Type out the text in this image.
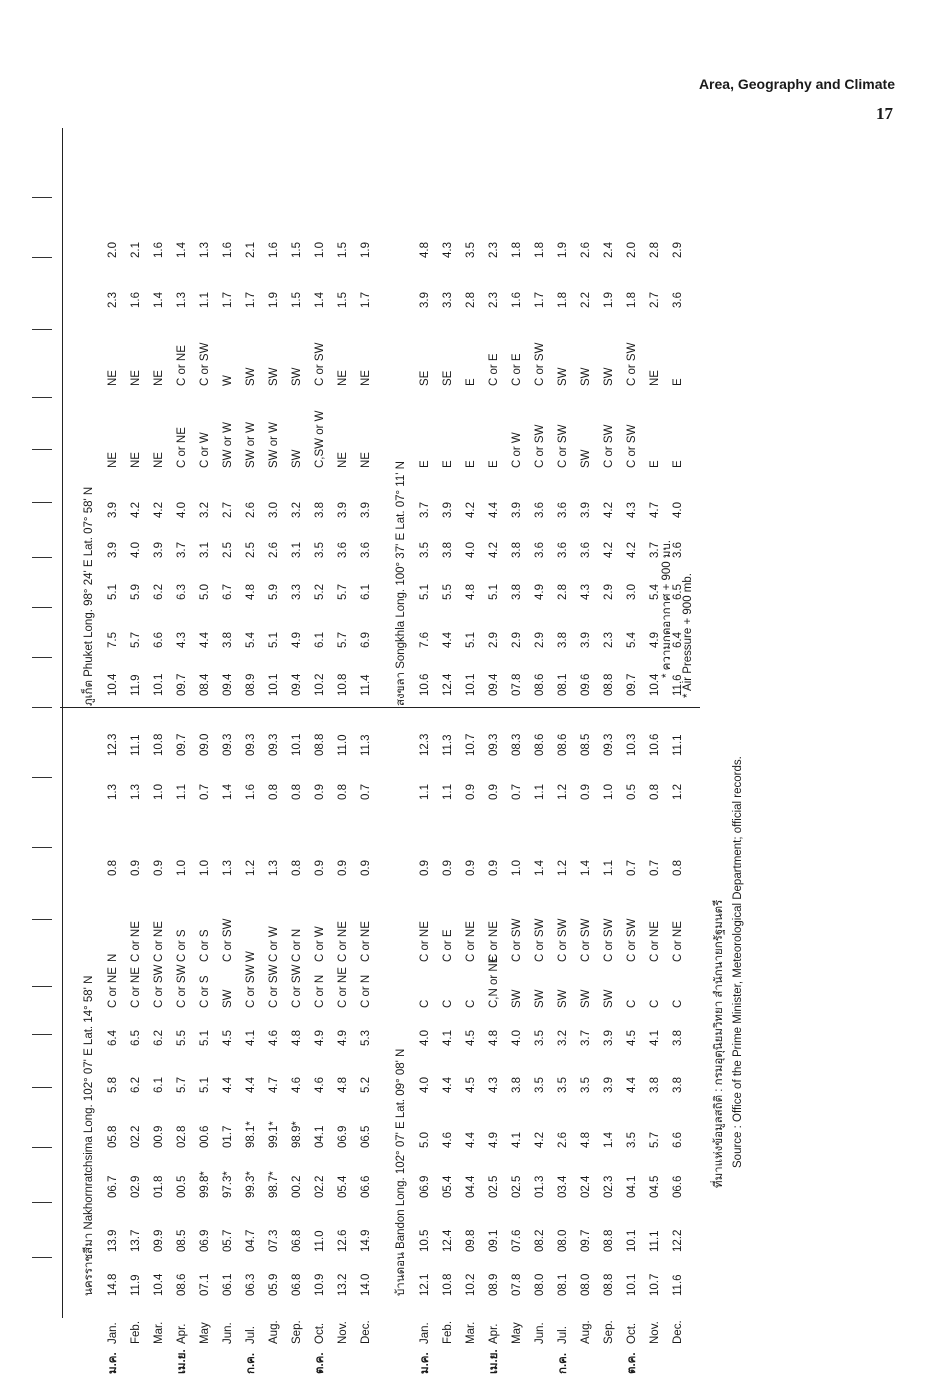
Area, Geography and Climate
17
นครราชสีมา Nakhornratchsima Long. 102° 07' E Lat. 14° 58' N
ภูเก็ต Phuket Long. 98° 24' E Lat. 07° 58' N
ม.ค.
Jan.
14.8
13.9
06.7
05.8
5.8
6.4
C or NE
N
0.8
1.3
12.3
10.4
7.5
5.1
3.9
3.9
NE
NE
2.3
2.0
Feb.
11.9
13.7
02.9
02.2
6.2
6.5
C or NE
C or NE
0.9
1.3
11.1
11.9
5.7
5.9
4.0
4.2
NE
NE
1.6
2.1
Mar.
10.4
09.9
01.8
00.9
6.1
6.2
C or SW
C or NE
0.9
1.0
10.8
10.1
6.6
6.2
3.9
4.2
NE
NE
1.4
1.6
เม.ย.
Apr.
08.6
08.5
00.5
02.8
5.7
5.5
C or SW
C or S
1.0
1.1
09.7
09.7
4.3
6.3
3.7
4.0
C or NE
C or NE
1.3
1.4
May
07.1
06.9
99.8*
00.6
5.1
5.1
C or S
C or S
1.0
0.7
09.0
08.4
4.4
5.0
3.1
3.2
C or W
C or SW
1.1
1.3
Jun.
06.1
05.7
97.3*
01.7
4.4
4.5
SW
C or SW
1.3
1.4
09.3
09.4
3.8
6.7
2.5
2.7
SW or W
W
1.7
1.6
ก.ค.
Jul.
06.3
04.7
99.3*
98.1*
4.4
4.1
C or SW
W
1.2
1.6
09.3
08.9
5.4
4.8
2.5
2.6
SW or W
SW
1.7
2.1
Aug.
05.9
07.3
98.7*
99.1*
4.7
4.6
C or SW
C or W
1.3
0.8
09.3
10.1
5.1
5.9
2.6
3.0
SW or W
SW
1.9
1.6
Sep.
06.8
06.8
00.2
98.9*
4.6
4.8
C or SW
C or N
0.8
0.8
10.1
09.4
4.9
3.3
3.1
3.2
SW
SW
1.5
1.5
ต.ค.
Oct.
10.9
11.0
02.2
04.1
4.6
4.9
C or N
C or W
0.9
0.9
08.8
10.2
6.1
5.2
3.5
3.8
C,SW or W
C or SW
1.4
1.0
Nov.
13.2
12.6
05.4
06.9
4.8
4.9
C or NE
C or NE
0.9
0.8
11.0
10.8
5.7
5.7
3.6
3.9
NE
NE
1.5
1.5
Dec.
14.0
14.9
06.6
06.5
5.2
5.3
C or N
C or NE
0.9
0.7
11.3
11.4
6.9
6.1
3.6
3.9
NE
NE
1.7
1.9
บ้านดอน Bandon Long. 102° 07' E Lat. 09° 08' N
สงขลา Songkhla Long. 100° 37' E Lat. 07° 11' N
ม.ค.
Jan.
12.1
10.5
06.9
5.0
4.0
4.0
C
C or NE
0.9
1.1
12.3
10.6
7.6
5.1
3.5
3.7
E
SE
3.9
4.8
Feb.
10.8
12.4
05.4
4.6
4.4
4.1
C
C or E
0.9
1.1
11.3
12.4
4.4
5.5
3.8
3.9
E
SE
3.3
4.3
Mar.
10.2
09.8
04.4
4.4
4.5
4.5
C
C or NE
0.9
0.9
10.7
10.1
5.1
4.8
4.0
4.2
E
E
2.8
3.5
เม.ย.
Apr.
08.9
09.1
02.5
4.9
4.3
4.8
C,N or NE
C or NE
0.9
0.9
09.3
09.4
2.9
5.1
4.2
4.4
E
C or E
2.3
2.3
May
07.8
07.6
02.5
4.1
3.8
4.0
SW
C or SW
1.0
0.7
08.3
07.8
2.9
3.8
3.8
3.9
C or W
C or E
1.6
1.8
Jun.
08.0
08.2
01.3
4.2
3.5
3.5
SW
C or SW
1.4
1.1
08.6
08.6
2.9
4.9
3.6
3.6
C or SW
C or SW
1.7
1.8
ก.ค.
Jul.
08.1
08.0
03.4
2.6
3.5
3.2
SW
C or SW
1.2
1.2
08.6
08.1
3.8
2.8
3.6
3.6
C or SW
SW
1.8
1.9
Aug.
08.0
09.7
02.4
4.8
3.5
3.7
SW
C or SW
1.4
0.9
08.5
09.6
3.9
4.3
3.6
3.9
SW
SW
2.2
2.6
Sep.
08.8
08.8
02.3
1.4
3.9
3.9
SW
C or SW
1.1
1.0
09.3
08.8
2.3
2.9
4.2
4.2
C or SW
SW
1.9
2.4
ต.ค.
Oct.
10.1
10.1
04.1
3.5
4.4
4.5
C
C or SW
0.7
0.5
10.3
09.7
5.4
3.0
4.2
4.3
C or SW
C or SW
1.8
2.0
Nov.
10.7
11.1
04.5
5.7
3.8
4.1
C
C or NE
0.7
0.8
10.6
10.4
4.9
5.4
3.7
4.7
E
NE
2.7
2.8
Dec.
11.6
12.2
06.6
6.6
3.8
3.8
C
C or NE
0.8
1.2
11.1
11.6
6.4
6.5
3.6
4.0
E
E
3.6
2.9
* ความกดอากาศ + 900 มบ. * Air Pressure + 900 mb.
ที่มาแห่งข้อมูลสถิติ : กรมอุตุนิยมวิทยา สำนักนายกรัฐมนตรี Source : Office of the Prime Minister, Meteorological Department; official records.
